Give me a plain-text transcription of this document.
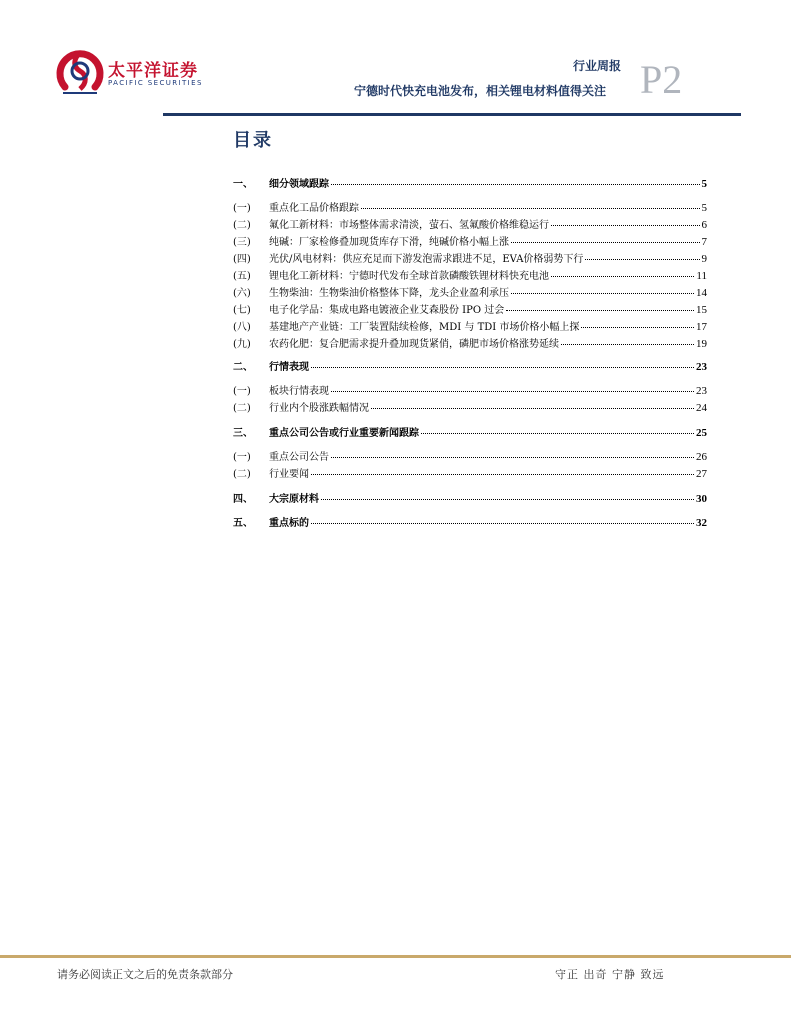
太平洋证券
PACIFIC SECURITIES
行业周报
宁德时代快充电池发布，相关锂电材料值得关注 P2
目录
一、	细分领域跟踪	5
(一)	重点化工品价格跟踪	5
(二)	氟化工新材料：市场整体需求清淡，萤石、氢氟酸价格维稳运行	6
(三)	纯碱：厂家检修叠加现货库存下滑，纯碱价格小幅上涨	7
(四)	光伏/风电材料：供应充足而下游发泡需求跟进不足，EVA价格弱势下行	9
(五)	锂电化工新材料：宁德时代发布全球首款磷酸铁锂材料快充电池	11
(六)	生物柴油：生物柴油价格整体下降，龙头企业盈利承压	14
(七)	电子化学品：集成电路电镀液企业艾森股份 IPO 过会	15
(八)	基建地产产业链：工厂装置陆续检修，MDI 与 TDI 市场价格小幅上探	17
(九)	农药化肥：复合肥需求提升叠加现货紧俏，磷肥市场价格涨势延续	19
二、	行情表现	23
(一)	板块行情表现	23
(二)	行业内个股涨跌幅情况	24
三、	重点公司公告或行业重要新闻跟踪	25
(一)	重点公司公告	26
(二)	行业要闻	27
四、	大宗原材料	30
五、	重点标的	32
请务必阅读正文之后的免责条款部分	守正 出奇 宁静 致远
